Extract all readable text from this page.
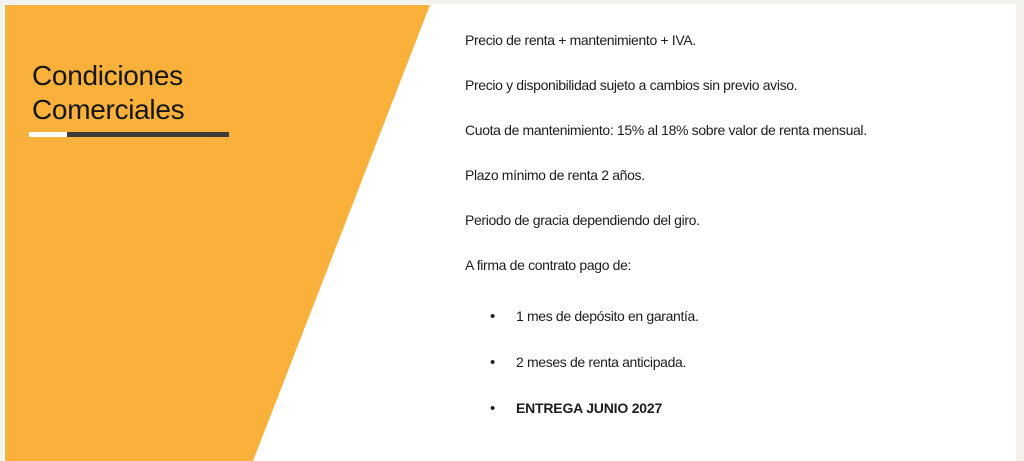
Condiciones Comerciales

Precio de renta + mantenimiento + IVA.

Precio y disponibilidad sujeto a cambios sin previo aviso.

Cuota de mantenimiento: 15% al 18% sobre valor de renta mensual.

Plazo mínimo de renta 2 años.

Periodo de gracia dependiendo del giro.

A firma de contrato pago de:

•	1 mes de depósito en garantía.
•	2 meses de renta anticipada.
•	ENTREGA JUNIO 2027
